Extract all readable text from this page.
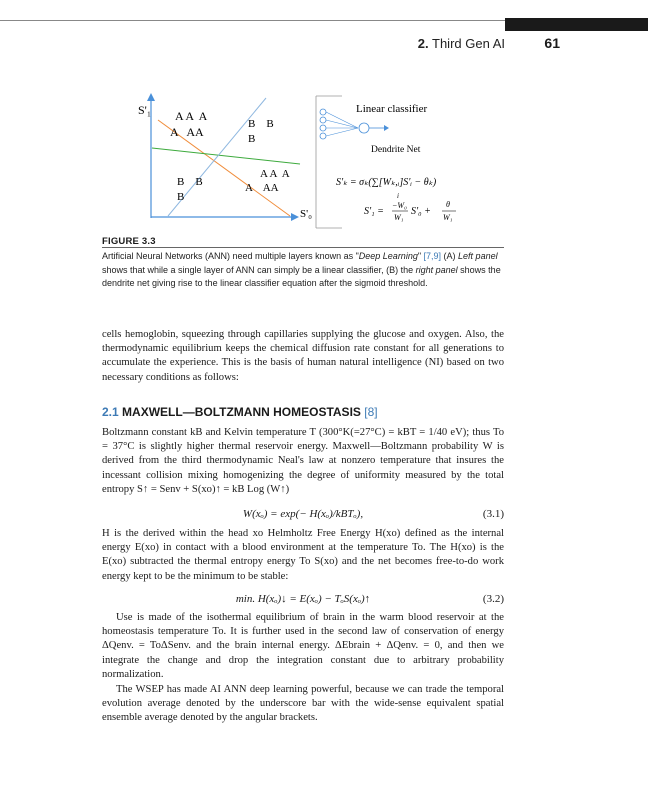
2. Third Gen AI	61
S'₁
S'₀
A A  A
A   AA
B    B
B
B    B
B
A A  A
A    AA
Linear classifier
Dendrite Net
S'ₖ = σₖ(∑[Wₖ,ᵢ]S'ᵢ − θₖ)
i
S'₁ =
−W₀
W₁
S'₀ +
θ
W₁
FIGURE 3.3
Artificial Neural Networks (ANN) need multiple layers known as "Deep Learning" [7,9] (A) Left panel shows that while a single layer of ANN can simply be a linear classifier, (B) the right panel shows the dendrite net giving rise to the linear classifier equation after the sigmoid threshold.
cells hemoglobin, squeezing through capillaries supplying the glucose and oxygen. Also, the thermodynamic equilibrium keeps the chemical diffusion rate constant for all generations to accumulate the experience. This is the basis of human natural intelligence (NI) based on two necessary conditions as follows:
2.1 MAXWELL—BOLTZMANN HOMEOSTASIS [8]
Boltzmann constant kB and Kelvin temperature T (300°K(=27°C) = kBT = 1/40 eV); thus To = 37°C is slightly higher thermal reservoir energy. Maxwell—Boltzmann probability W is derived from the third thermodynamic Neal's law at nonzero temperature that insures the incessant collision mixing homogenizing the degree of uniformity measured by the total entropy S↑ = Senv + S(xo)↑ = kB Log (W↑)
W(xₒ) = exp(− H(xₒ)/kBTₒ),	(3.1)
H is the derived within the head xo Helmholtz Free Energy H(xo) defined as the internal energy E(xo) in contact with a blood environment at the temperature To. The H(xo) is the E(xo) subtracted the thermal entropy energy To S(xo) and the net becomes free-to-do work energy kept to be the minimum to be stable:
min. H(xₒ)↓ = E(xₒ) − TₒS(xₒ)↑	(3.2)
Use is made of the isothermal equilibrium of brain in the warm blood reservoir at the homeostasis temperature To. It is further used in the second law of conservation of energy ΔQenv. = ToΔSenv. and the brain internal energy. ΔEbrain + ΔQenv. = 0, and then we integrate the change and drop the integration constant due to arbitrary probability normalization.
The WSEP has made AI ANN deep learning powerful, because we can trade the temporal evolution average denoted by the underscore bar with the wide-sense equivalent spatial ensemble average denoted by the angular brackets.
